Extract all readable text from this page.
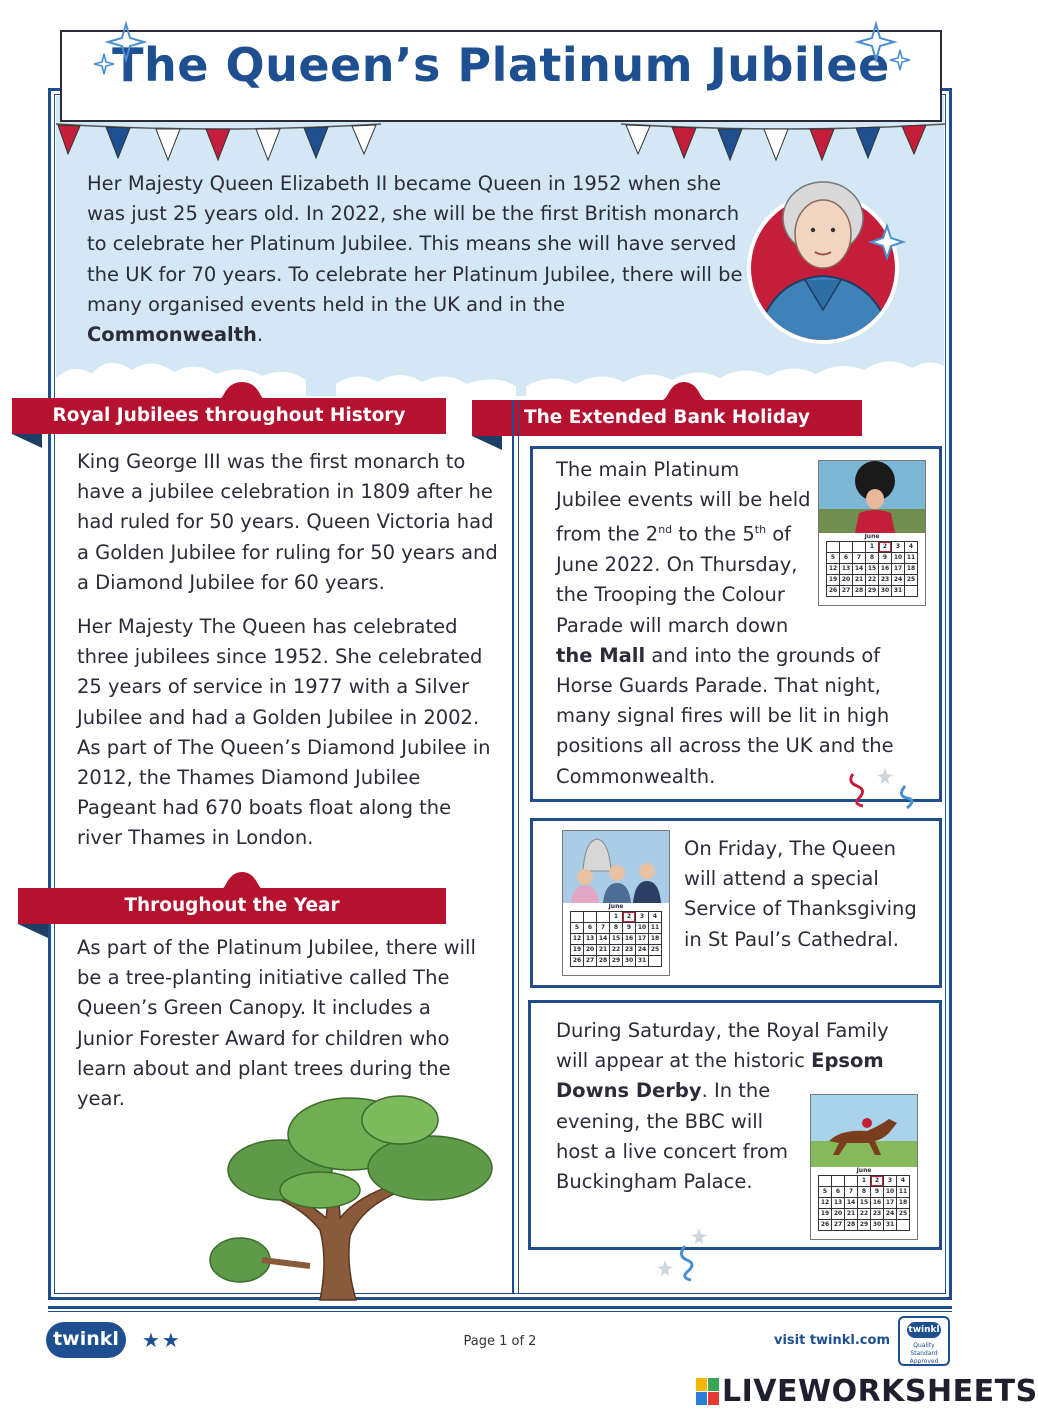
The Queen’s Platinum Jubilee

Her Majesty Queen Elizabeth II became Queen in 1952 when she was just 25 years old. In 2022, she will be the first British monarch to celebrate her Platinum Jubilee. This means she will have served the UK for 70 years. To celebrate her Platinum Jubilee, there will be many organised events held in the UK and in the Commonwealth.

Royal Jubilees throughout History

King George III was the first monarch to have a jubilee celebration in 1809 after he had ruled for 50 years. Queen Victoria had a Golden Jubilee for ruling for 50 years and a Diamond Jubilee for 60 years.

Her Majesty The Queen has celebrated three jubilees since 1952. She celebrated 25 years of service in 1977 with a Silver Jubilee and had a Golden Jubilee in 2002. As part of The Queen’s Diamond Jubilee in 2012, the Thames Diamond Jubilee Pageant had 670 boats float along the river Thames in London.

Throughout the Year

As part of the Platinum Jubilee, there will be a tree-planting initiative called The Queen’s Green Canopy. It includes a Junior Forester Award for children who learn about and plant trees during the year.

The Extended Bank Holiday
The main Platinum
Jubilee events will be held
from the 2nd to the 5th of
June 2022. On Thursday,
the Trooping the Colour
Parade will march down
the Mall and into the grounds of
Horse Guards Parade. That night,
many signal fires will be lit in high
positions all across the UK and the
Commonwealth.
June
			1	2	3	4
5	6	7	8	9	10	11
12	13	14	15	16	17	18
19	20	21	22	23	24	25
26	27	28	29	30	31	
June
			1	2	3	4
5	6	7	8	9	10	11
12	13	14	15	16	17	18
19	20	21	22	23	24	25
26	27	28	29	30	31	
On Friday, The Queen
will attend a special
Service of Thanksgiving
in St Paul’s Cathedral.
During Saturday, the Royal Family
will appear at the historic Epsom
Downs Derby. In the
evening, the BBC will
host a live concert from
Buckingham Palace.	June
			1	2	3	4
5	6	7	8	9	10	11
12	13	14	15	16	17	18
19	20	21	22	23	24	25
26	27	28	29	30	31	
twinkl	★★	Page 1 of 2	visit twinkl.com
twinkl
Quality Standard
Approved
LIVEWORKSHEETS
